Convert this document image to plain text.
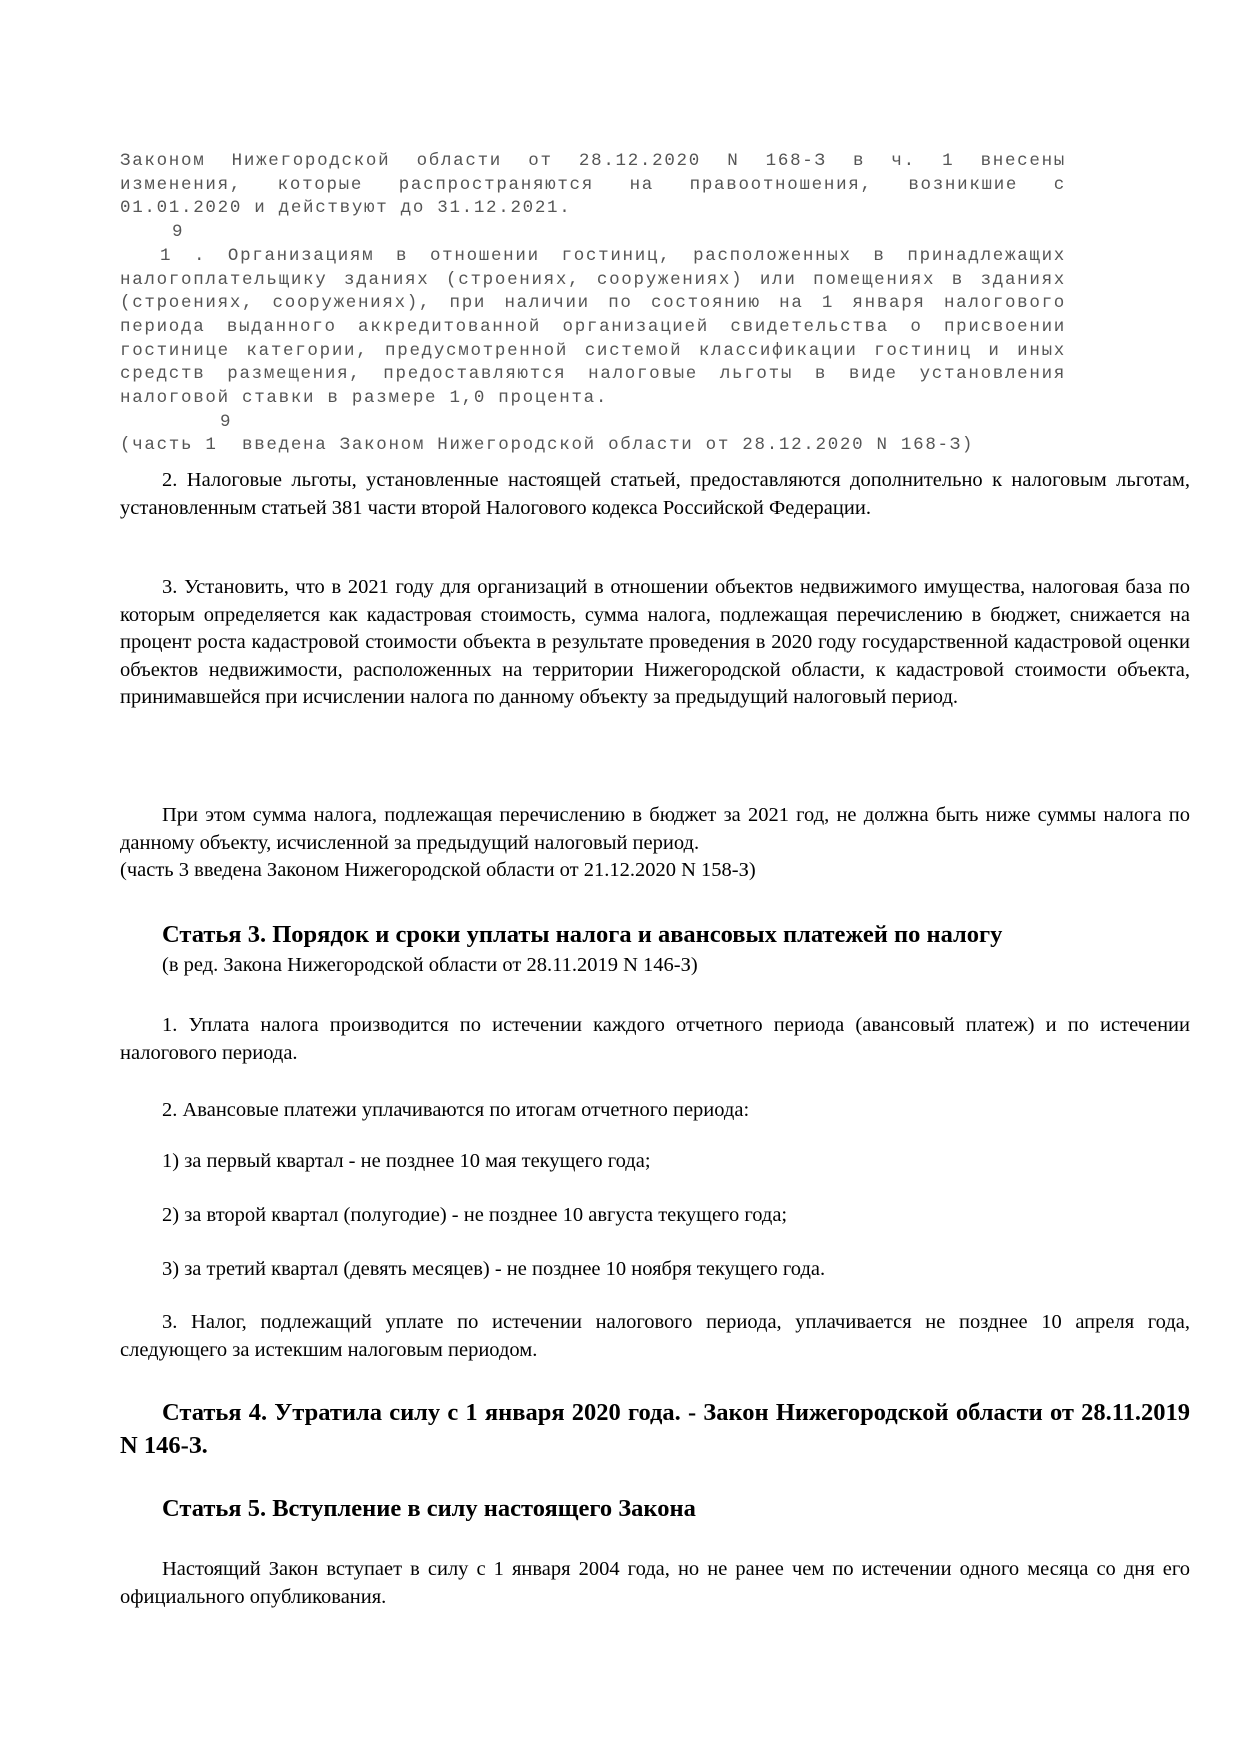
Законом Нижегородской области от 28.12.2020 N 168-З в ч. 1 внесены
изменения, которые распространяются на правоотношения, возникшие с
01.01.2020 и действуют до 31.12.2021.
9
1 . Организациям в отношении гостиниц, расположенных в принадлежащих
налогоплательщику зданиях (строениях, сооружениях) или помещениях в зданиях
(строениях, сооружениях), при наличии по состоянию на 1 января налогового
периода выданного аккредитованной организацией свидетельства о присвоении
гостинице категории, предусмотренной системой классификации гостиниц и иных
средств размещения, предоставляются налоговые льготы в виде установления
налоговой ставки в размере 1,0 процента.
9
(часть 1  введена Законом Нижегородской области от 28.12.2020 N 168-З)

2. Налоговые льготы, установленные настоящей статьей, предоставляются дополнительно к налоговым льготам, установленным статьей 381 части второй Налогового кодекса Российской Федерации.

3. Установить, что в 2021 году для организаций в отношении объектов недвижимого имущества, налоговая база по которым определяется как кадастровая стоимость, сумма налога, подлежащая перечислению в бюджет, снижается на процент роста кадастровой стоимости объекта в результате проведения в 2020 году государственной кадастровой оценки объектов недвижимости, расположенных на территории Нижегородской области, к кадастровой стоимости объекта, принимавшейся при исчислении налога по данному объекту за предыдущий налоговый период.

При этом сумма налога, подлежащая перечислению в бюджет за 2021 год, не должна быть ниже суммы налога по данному объекту, исчисленной за предыдущий налоговый период.

(часть 3 введена Законом Нижегородской области от 21.12.2020 N 158-З)

Статья 3. Порядок и сроки уплаты налога и авансовых платежей по налогу

(в ред. Закона Нижегородской области от 28.11.2019 N 146-З)

1. Уплата налога производится по истечении каждого отчетного периода (авансовый платеж) и по истечении налогового периода.

2. Авансовые платежи уплачиваются по итогам отчетного периода:

1) за первый квартал - не позднее 10 мая текущего года;

2) за второй квартал (полугодие) - не позднее 10 августа текущего года;

3) за третий квартал (девять месяцев) - не позднее 10 ноября текущего года.

3. Налог, подлежащий уплате по истечении налогового периода, уплачивается не позднее 10 апреля года, следующего за истекшим налоговым периодом.

Статья 4. Утратила силу с 1 января 2020 года. - Закон Нижегородской области от 28.11.2019 N 146-З.
Статья 5. Вступление в силу настоящего Закона

Настоящий Закон вступает в силу с 1 января 2004 года, но не ранее чем по истечении одного месяца со дня его официального опубликования.
